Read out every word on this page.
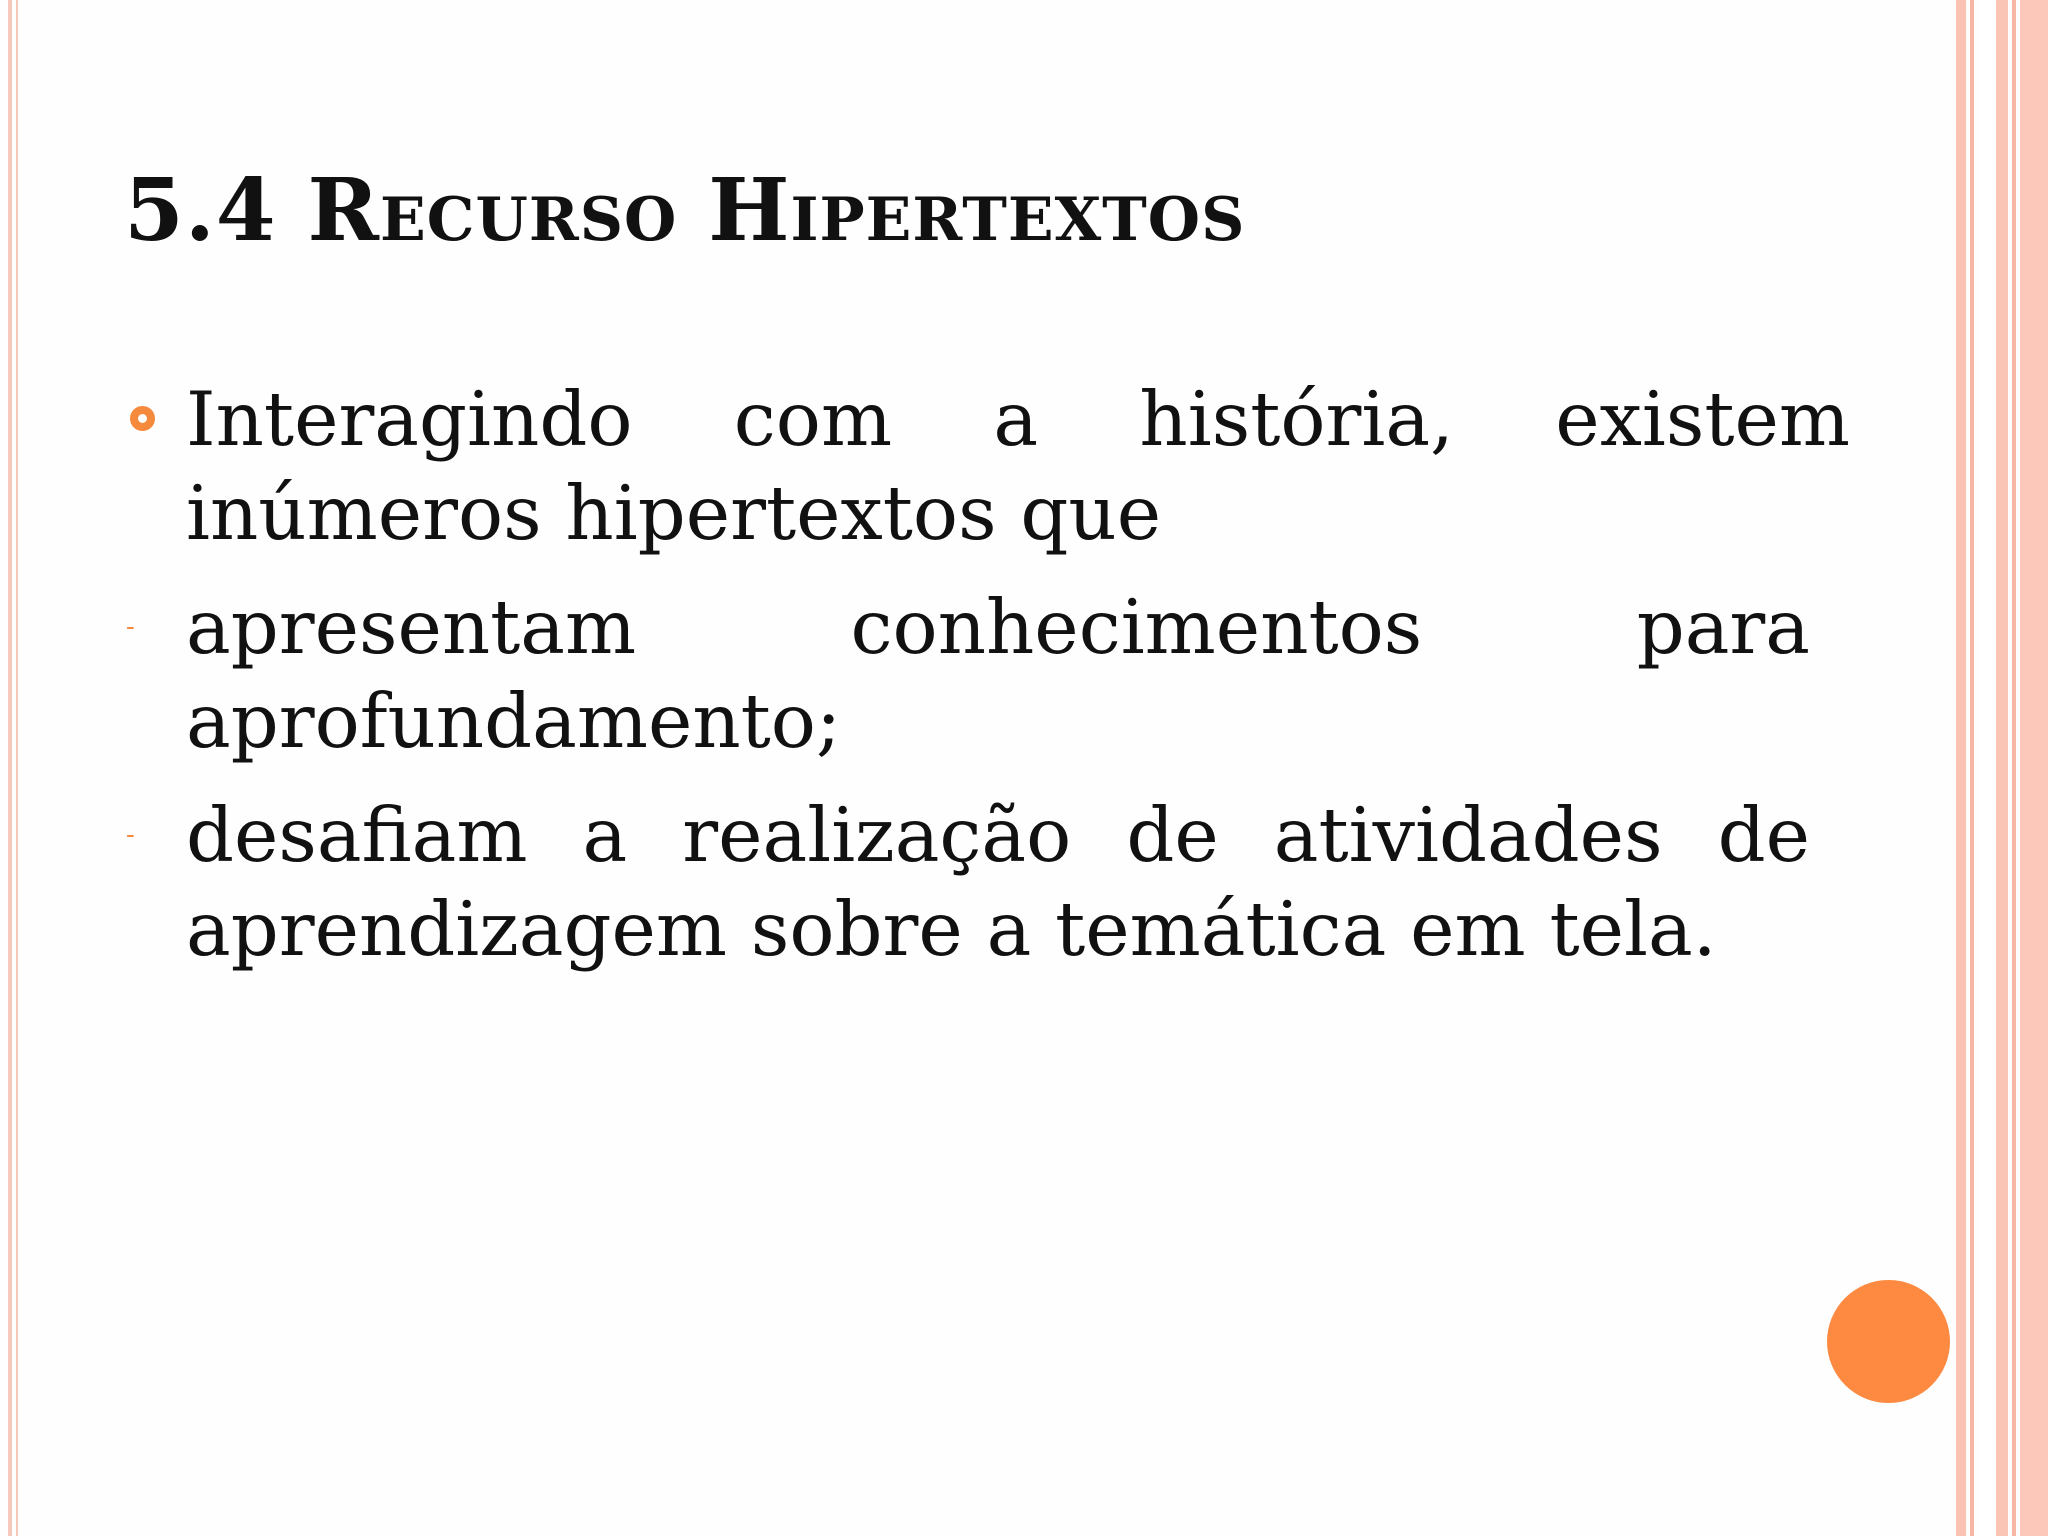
5.4 Recurso Hipertextos
Interagindo com a história, existem inúmeros hipertextos que
- apresentam conhecimentos para aprofundamento;
- desafiam a realização de atividades de aprendizagem sobre a temática em tela.
